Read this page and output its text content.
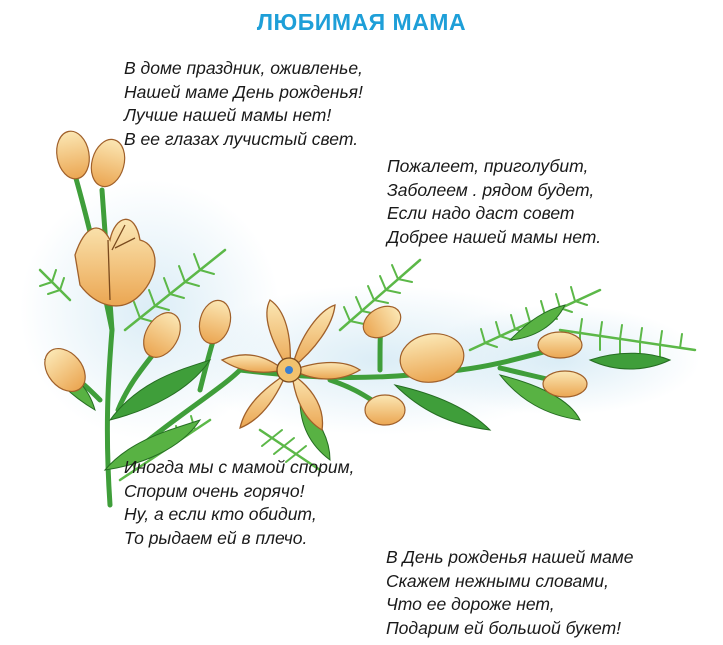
ЛЮБИМАЯ МАМА
В доме праздник, оживленье,
Нашей маме День рожденья!
Лучше нашей мамы нет!
В ее глазах лучистый свет.
Пожалеет, приголубит,
Заболеем . рядом будет,
Если надо даст совет
Добрее нашей мамы нет.
Иногда мы с мамой спорим,
Спорим очень горячо!
Ну, а если кто обидит,
То рыдаем ей в плечо.
В День рожденья нашей маме
Скажем нежными словами,
Что ее дороже нет,
Подарим ей большой букет!
